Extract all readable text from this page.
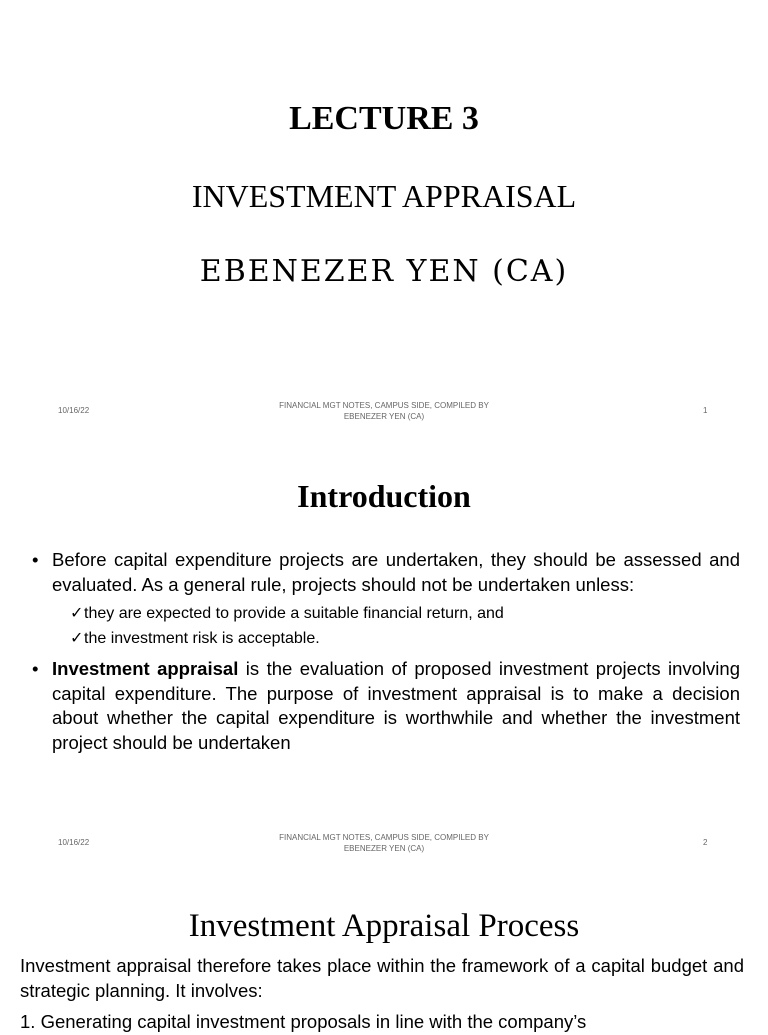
LECTURE 3
INVESTMENT APPRAISAL
EBENEZER YEN (CA)
10/16/22
FINANCIAL MGT NOTES, CAMPUS SIDE, COMPILED BY
EBENEZER YEN (CA)
1
Introduction
• Before capital expenditure projects are undertaken, they should be assessed and evaluated. As a general rule, projects should not be undertaken unless:
✓ they are expected to provide a suitable financial return, and
✓ the investment risk is acceptable.
• Investment appraisal is the evaluation of proposed investment projects involving capital expenditure. The purpose of investment appraisal is to make a decision about whether the capital expenditure is worthwhile and whether the investment project should be undertaken
10/16/22
FINANCIAL MGT NOTES, CAMPUS SIDE, COMPILED BY
EBENEZER YEN (CA)
2
Investment Appraisal Process
Investment appraisal therefore takes place within the framework of a capital budget and strategic planning. It involves:
1. Generating capital investment proposals in line with the company’s
